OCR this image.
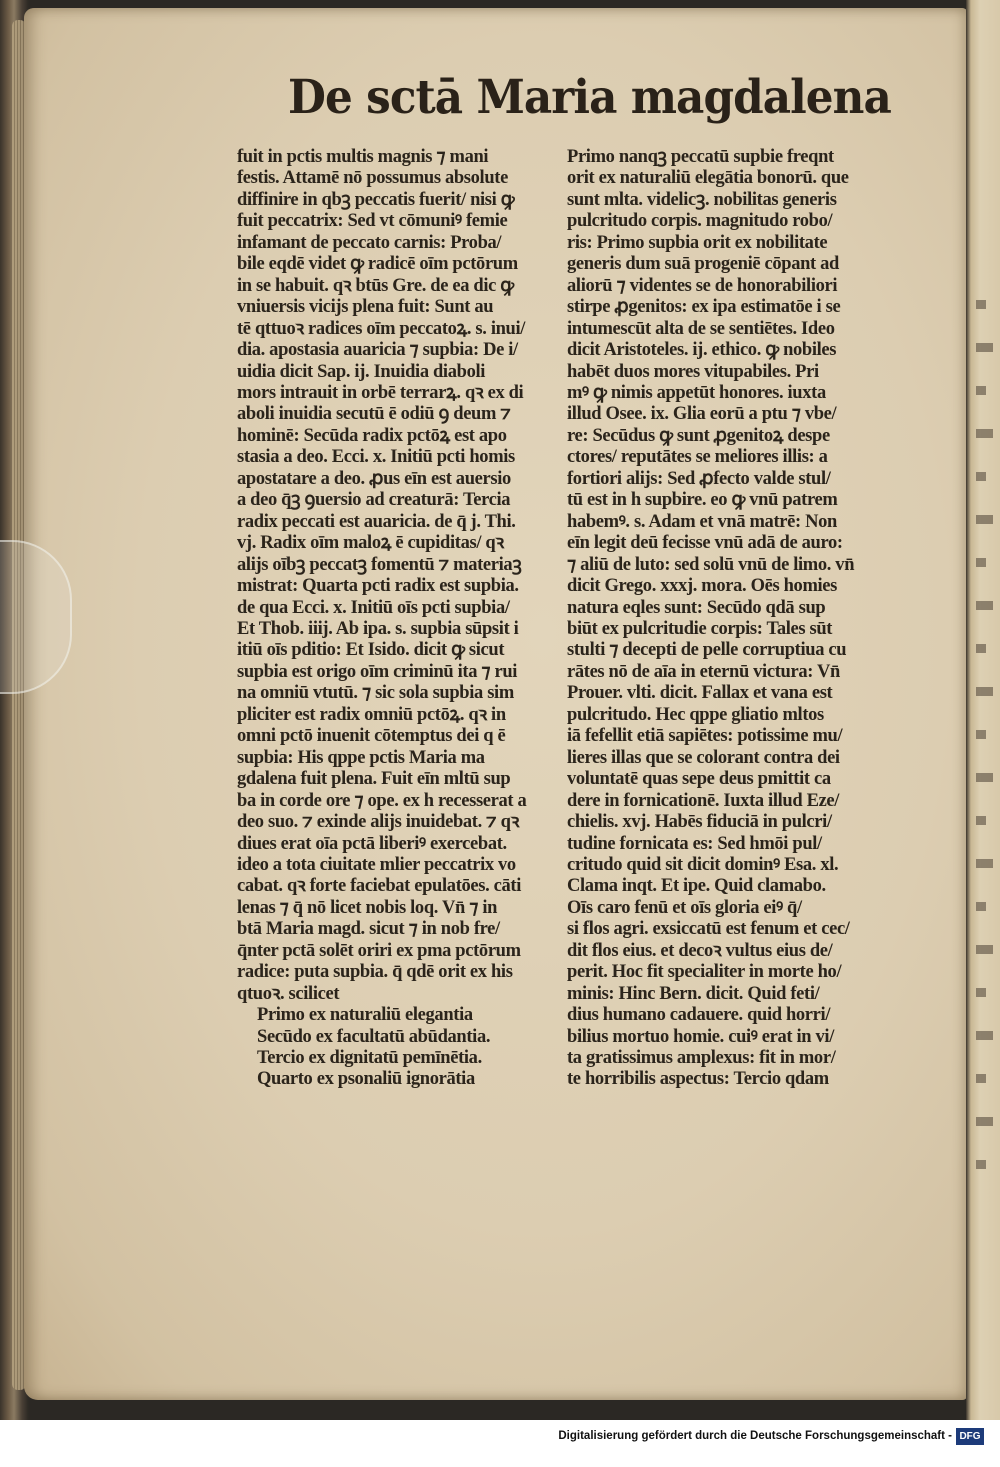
De sctā Maria magdalena
fuit in pctis multis magnis ⁊ mani
festis. Attamē nō possumus absolute
diffinire in qbꝫ peccatis fuerit/ nisi ꝙ
fuit peccatrix: Sed vt cōmuniꝰ femie
infamant de peccato carnis: Proba/
bile eqdē videt ꝙ radicē oīm pctōrum
in se habuit. qꝛ btūs Gre. de ea dic ꝙ
vniuersis vicijs plena fuit: Sunt au
tē qttuoꝛ radices oīm peccatoꝝ. s. inui/
dia. apostasia auaricia ⁊ supbia: De i/
uidia dicit Sap. ij. Inuidia diaboli
mors intrauit in orbē terrarꝝ. qꝛ ex di
aboli inuidia secutū ē odiū ꝯ deum ⁊
hominē: Secūda radix pctōꝝ est apo
stasia a deo. Ecci. x. Initiū pcti homis
apostatare a deo. ꝓus eīn est auersio
a deo q̄ꝫ ꝯuersio ad creaturā: Tercia
radix peccati est auaricia. de q̄ j. Thi.
vj. Radix oīm maloꝝ ē cupiditas/ qꝛ
alijs oībꝫ peccatꝫ fomentū ⁊ materiaꝫ
mistrat: Quarta pcti radix est supbia.
de qua Ecci. x. Initiū oīs pcti supbia/
Et Thob. iiij. Ab ipa. s. supbia sūpsit i
itiū oīs pditio: Et Isido. dicit ꝙ sicut
supbia est origo oīm criminū ita ⁊ rui
na omniū vtutū. ⁊ sic sola supbia sim
pliciter est radix omniū pctōꝝ. qꝛ in
omni pctō inuenit cōtemptus dei q ē
supbia: His qppe pctis Maria ma
gdalena fuit plena. Fuit eīn mltū sup
ba in corde ore ⁊ ope. ex h recesserat a
deo suo. ⁊ exinde alijs inuidebat. ⁊ qꝛ
diues erat oīa pctā liberiꝰ exercebat.
ideo a tota ciuitate mlier peccatrix vo
cabat. qꝛ forte faciebat epulatōes. cāti
lenas ⁊ q̄ nō licet nobis loq. Vn̄ ⁊ in
btā Maria magd. sicut ⁊ in nob fre/
q̄nter pctā solēt oriri ex pma pctōrum
radice: puta supbia. q̄ qdē orit ex his
qtuoꝛ. scilicet
Primo ex naturaliū elegantia
Secūdo ex facultatū abūdantia.
Tercio ex dignitatū pemīnētia.
Quarto ex psonaliū ignorātia
Primo nanqꝫ peccatū supbie freqnt
orit ex naturaliū elegātia bonorū. que
sunt mlta. videlicꝫ. nobilitas generis
pulcritudo corpis. magnitudo robo/
ris: Primo supbia orit ex nobilitate
generis dum suā progeniē cōpant ad
aliorū ⁊ videntes se de honorabiliori
stirpe ꝓgenitos: ex ipa estimatōe i se
intumescūt alta de se sentiētes. Ideo
dicit Aristoteles. ij. ethico. ꝙ nobiles
habēt duos mores vitupabiles. Pri
mꝰ ꝙ nimis appetūt honores. iuxta
illud Osee. ix. Glia eorū a ptu ⁊ vbe/
re: Secūdus ꝙ sunt ꝓgenitoꝝ despe
ctores/ reputātes se meliores illis: a
fortiori alijs: Sed ꝓfecto valde stul/
tū est in h supbire. eo ꝙ vnū patrem
habemꝰ. s. Adam et vnā matrē: Non
eīn legit deū fecisse vnū adā de auro:
⁊ aliū de luto: sed solū vnū de limo. vn̄
dicit Grego. xxxj. mora. Oēs homies
natura eqles sunt: Secūdo qdā sup
biūt ex pulcritudie corpis: Tales sūt
stulti ⁊ decepti de pelle corruptiua cu
rātes nō de aīa in eternū victura: Vn̄
Prouer. vlti. dicit. Fallax et vana est
pulcritudo. Hec qppe gliatio mltos
iā fefellit etiā sapiētes: potissime mu/
lieres illas que se colorant contra dei
voluntatē quas sepe deus pmittit ca
dere in fornicationē. Iuxta illud Eze/
chielis. xvj. Habēs fiduciā in pulcri/
tudine fornicata es: Sed hmōi pul/
critudo quid sit dicit dominꝰ Esa. xl.
Clama inqt. Et ipe. Quid clamabo.
Oīs caro fenū et oīs gloria eiꝰ q̄/
si flos agri. exsiccatū est fenum et cec/
dit flos eius. et decoꝛ vultus eius de/
perit. Hoc fit specialiter in morte ho/
minis: Hinc Bern. dicit. Quid feti/
dius humano cadauere. quid horri/
bilius mortuo homie. cuiꝰ erat in vi/
ta gratissimus amplexus: fit in mor/
te horribilis aspectus: Tercio qdam
Digitalisierung gefördert durch die Deutsche Forschungsgemeinschaft - DFG
